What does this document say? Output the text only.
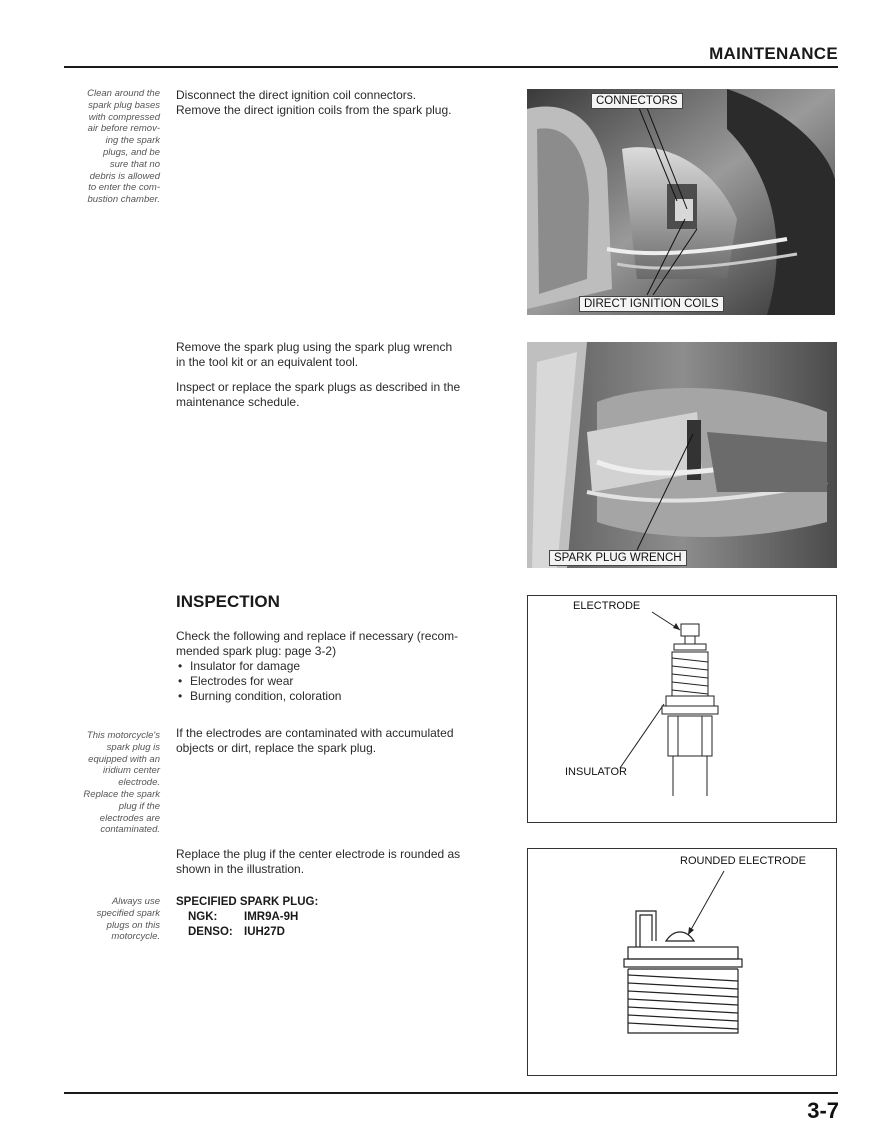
MAINTENANCE
Clean around the
spark plug bases
with compressed
air before remov-
ing the spark
plugs, and be
sure that no
debris is allowed
to enter the com-
bustion chamber.

Disconnect the direct ignition coil connectors.

Remove the direct ignition coils from the spark plug.

CONNECTORS
DIRECT IGNITION COILS

Remove the spark plug using the spark plug wrench

in the tool kit or an equivalent tool.

Inspect or replace the spark plugs as described in the

maintenance schedule.

SPARK PLUG WRENCH
INSPECTION

Check the following and replace if necessary (recom-

mended spark plug: page 3-2)

• Insulator for damage
• Electrodes for wear
• Burning condition, coloration
This motorcycle's
spark plug is
equipped with an
iridium center
electrode.
Replace the spark
plug if the
electrodes are
contaminated.

If the electrodes are contaminated with accumulated

objects or dirt, replace the spark plug.

Replace the plug if the center electrode is rounded as

shown in the illustration.

Always use
specified spark
plugs on this
motorcycle.
SPECIFIED SPARK PLUG:
NGK:	IMR9A-9H
DENSO: IUH27D
ELECTRODE
INSULATOR
ROUNDED ELECTRODE
3-7
